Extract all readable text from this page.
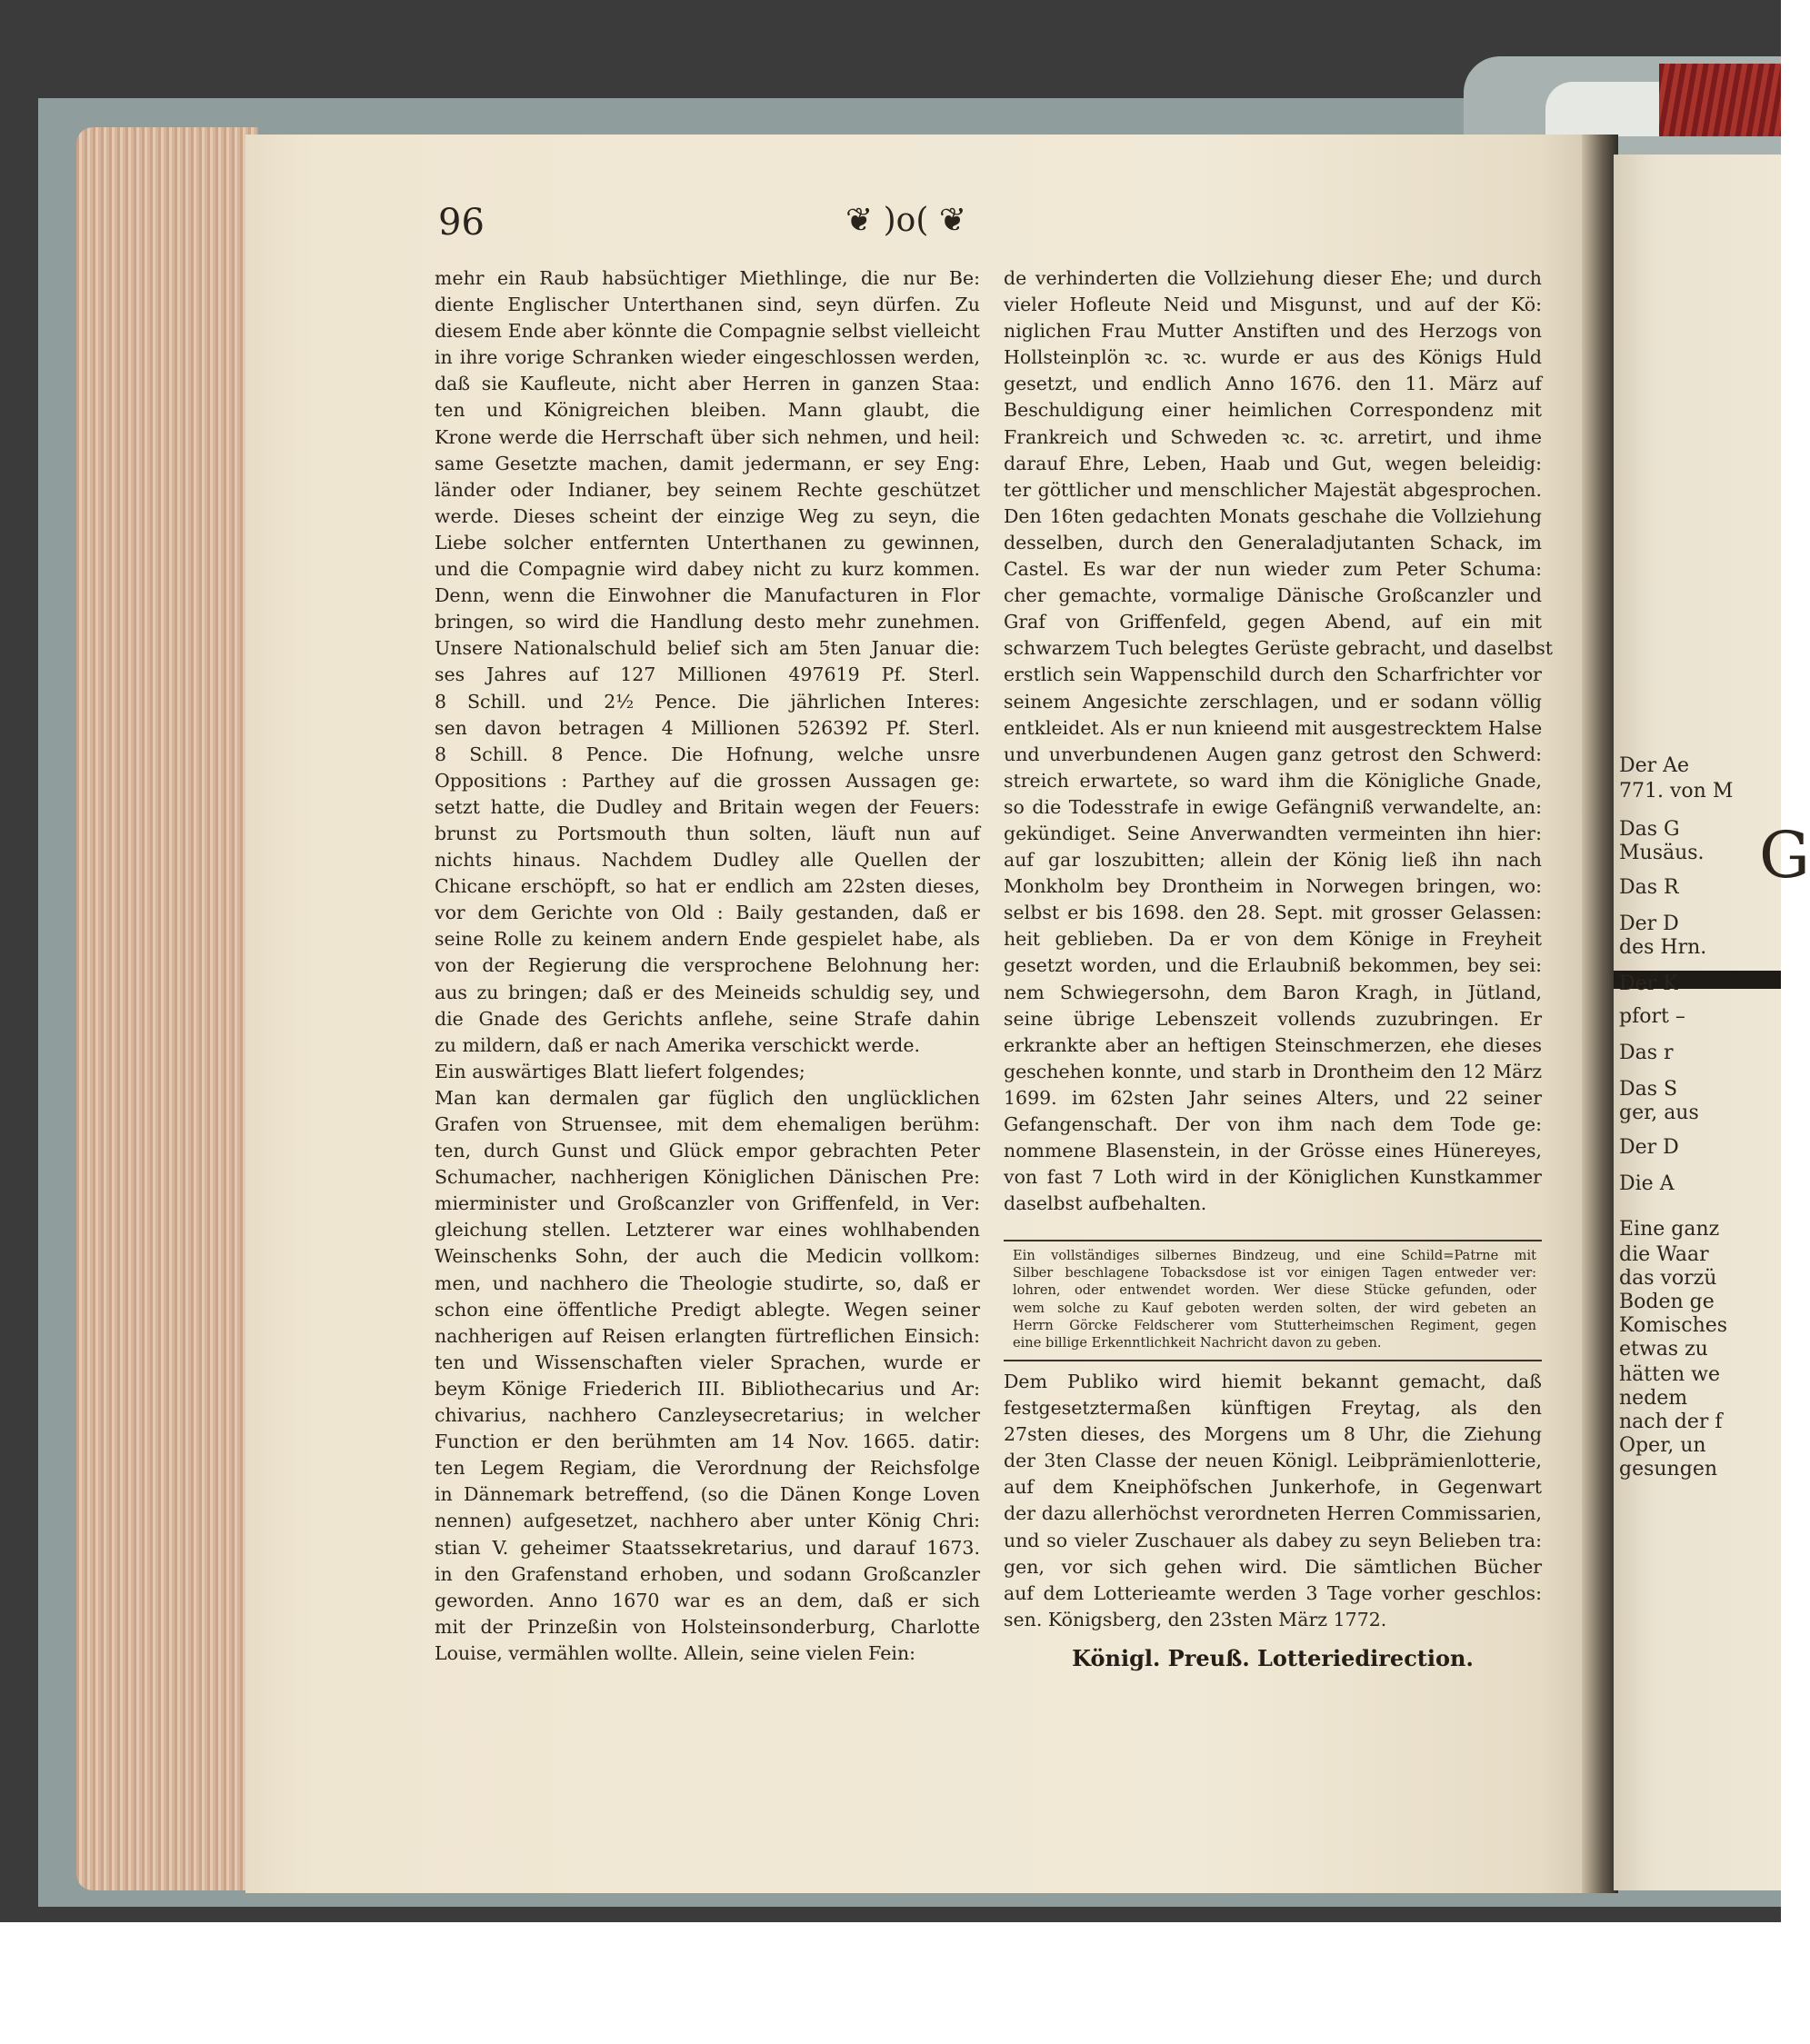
G
Der Ae
771. von M
Das G
Musäus.
Das R
Der D
des Hrn.
Der K
pfort –
Das r
Das S
ger, aus
Der D
Die A
Eine ganz
die Waar
das vorzü
Boden ge
Komisches
etwas zu
hätten we
nedem
nach der f
Oper, un
gesungen
96	❦ )o( ❦
mehr ein Raub habsüchtiger Miethlinge, die nur Be:
diente Englischer Unterthanen sind, seyn dürfen. Zu
diesem Ende aber könnte die Compagnie selbst vielleicht
in ihre vorige Schranken wieder eingeschlossen werden,
daß sie Kaufleute, nicht aber Herren in ganzen Staa:
ten und Königreichen bleiben. Mann glaubt, die
Krone werde die Herrschaft über sich nehmen, und heil:
same Gesetzte machen, damit jedermann, er sey Eng:
länder oder Indianer, bey seinem Rechte geschützet
werde. Dieses scheint der einzige Weg zu seyn, die
Liebe solcher entfernten Unterthanen zu gewinnen,
und die Compagnie wird dabey nicht zu kurz kommen.
Denn, wenn die Einwohner die Manufacturen in Flor
bringen, so wird die Handlung desto mehr zunehmen.
Unsere Nationalschuld belief sich am 5ten Januar die:
ses Jahres auf 127 Millionen 497619 Pf. Sterl.
8 Schill. und 2½ Pence. Die jährlichen Interes:
sen davon betragen 4 Millionen 526392 Pf. Sterl.
8 Schill. 8 Pence. Die Hofnung, welche unsre
Oppositions : Parthey auf die grossen Aussagen ge:
setzt hatte, die Dudley and Britain wegen der Feuers:
brunst zu Portsmouth thun solten, läuft nun auf
nichts hinaus. Nachdem Dudley alle Quellen der
Chicane erschöpft, so hat er endlich am 22sten dieses,
vor dem Gerichte von Old : Baily gestanden, daß er
seine Rolle zu keinem andern Ende gespielet habe, als
von der Regierung die versprochene Belohnung her:
aus zu bringen; daß er des Meineids schuldig sey, und
die Gnade des Gerichts anflehe, seine Strafe dahin
zu mildern, daß er nach Amerika verschickt werde.
Ein auswärtiges Blatt liefert folgendes;
Man kan dermalen gar füglich den unglücklichen
Grafen von Struensee, mit dem ehemaligen berühm:
ten, durch Gunst und Glück empor gebrachten Peter
Schumacher, nachherigen Königlichen Dänischen Pre:
mierminister und Großcanzler von Griffenfeld, in Ver:
gleichung stellen. Letzterer war eines wohlhabenden
Weinschenks Sohn, der auch die Medicin vollkom:
men, und nachhero die Theologie studirte, so, daß er
schon eine öffentliche Predigt ablegte. Wegen seiner
nachherigen auf Reisen erlangten fürtreflichen Einsich:
ten und Wissenschaften vieler Sprachen, wurde er
beym Könige Friederich III. Bibliothecarius und Ar:
chivarius, nachhero Canzleysecretarius; in welcher
Function er den berühmten am 14 Nov. 1665. datir:
ten Legem Regiam, die Verordnung der Reichsfolge
in Dännemark betreffend, (so die Dänen Konge Loven
nennen) aufgesetzet, nachhero aber unter König Chri:
stian V. geheimer Staatssekretarius, und darauf 1673.
in den Grafenstand erhoben, und sodann Großcanzler
geworden. Anno 1670 war es an dem, daß er sich
mit der Prinzeßin von Holsteinsonderburg, Charlotte
Louise, vermählen wollte. Allein, seine vielen Fein:
de verhinderten die Vollziehung dieser Ehe; und durch
vieler Hofleute Neid und Misgunst, und auf der Kö:
niglichen Frau Mutter Anstiften und des Herzogs von
Hollsteinplön ꝛc. ꝛc. wurde er aus des Königs Huld
gesetzt, und endlich Anno 1676. den 11. März auf
Beschuldigung einer heimlichen Correspondenz mit
Frankreich und Schweden ꝛc. ꝛc. arretirt, und ihme
darauf Ehre, Leben, Haab und Gut, wegen beleidig:
ter göttlicher und menschlicher Majestät abgesprochen.
Den 16ten gedachten Monats geschahe die Vollziehung
desselben, durch den Generaladjutanten Schack, im
Castel. Es war der nun wieder zum Peter Schuma:
cher gemachte, vormalige Dänische Großcanzler und
Graf von Griffenfeld, gegen Abend, auf ein mit
schwarzem Tuch belegtes Gerüste gebracht, und daselbst
erstlich sein Wappenschild durch den Scharfrichter vor
seinem Angesichte zerschlagen, und er sodann völlig
entkleidet. Als er nun knieend mit ausgestrecktem Halse
und unverbundenen Augen ganz getrost den Schwerd:
streich erwartete, so ward ihm die Königliche Gnade,
so die Todesstrafe in ewige Gefängniß verwandelte, an:
gekündiget. Seine Anverwandten vermeinten ihn hier:
auf gar loszubitten; allein der König ließ ihn nach
Monkholm bey Drontheim in Norwegen bringen, wo:
selbst er bis 1698. den 28. Sept. mit grosser Gelassen:
heit geblieben. Da er von dem Könige in Freyheit
gesetzt worden, und die Erlaubniß bekommen, bey sei:
nem Schwiegersohn, dem Baron Kragh, in Jütland,
seine übrige Lebenszeit vollends zuzubringen. Er
erkrankte aber an heftigen Steinschmerzen, ehe dieses
geschehen konnte, und starb in Drontheim den 12 März
1699. im 62sten Jahr seines Alters, und 22 seiner
Gefangenschaft. Der von ihm nach dem Tode ge:
nommene Blasenstein, in der Grösse eines Hünereyes,
von fast 7 Loth wird in der Königlichen Kunstkammer
daselbst aufbehalten.
Ein vollständiges silbernes Bindzeug, und eine Schild=Patrne mit
Silber beschlagene Tobacksdose ist vor einigen Tagen entweder ver:
lohren, oder entwendet worden. Wer diese Stücke gefunden, oder
wem solche zu Kauf geboten werden solten, der wird gebeten an
Herrn Görcke Feldscherer vom Stutterheimschen Regiment, gegen
eine billige Erkenntlichkeit Nachricht davon zu geben.
Dem Publiko wird hiemit bekannt gemacht, daß
festgesetztermaßen künftigen Freytag, als den
27sten dieses, des Morgens um 8 Uhr, die Ziehung
der 3ten Classe der neuen Königl. Leibprämienlotterie,
auf dem Kneiphöfschen Junkerhofe, in Gegenwart
der dazu allerhöchst verordneten Herren Commissarien,
und so vieler Zuschauer als dabey zu seyn Belieben tra:
gen, vor sich gehen wird. Die sämtlichen Bücher
auf dem Lotterieamte werden 3 Tage vorher geschlos:
sen. Königsberg, den 23sten März 1772.
Königl. Preuß. Lotteriedirection.
